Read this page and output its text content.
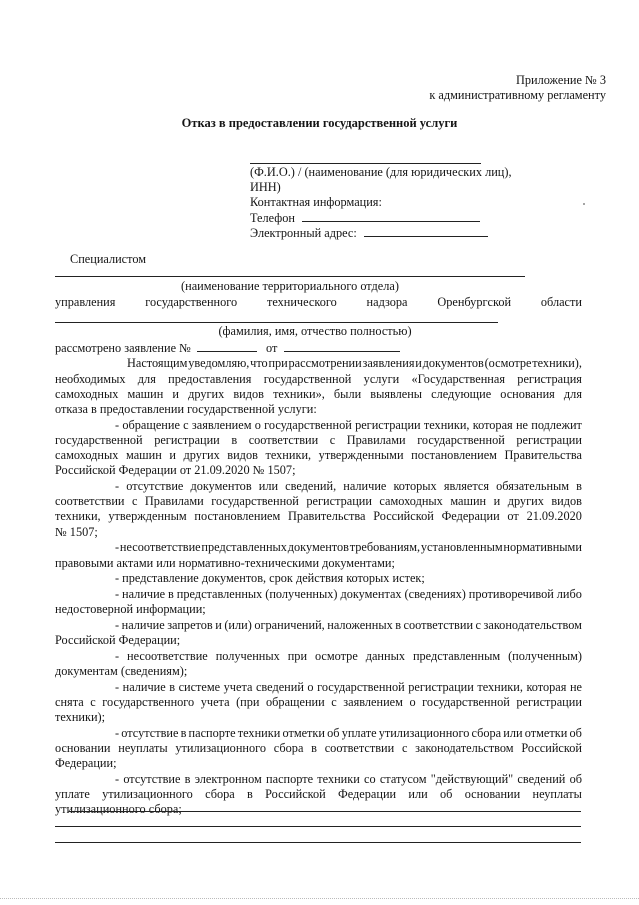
Приложение № 3
к административному регламенту
Отказ в предоставлении государственной услуги
(Ф.И.О.) / (наименование (для юридических лиц),
ИНН)
Контактная информация:
Телефон
Электронный адрес:
Специалистом
(наименование территориального отдела)
управления государственного технического надзора Оренбургской области
(фамилия, имя, отчество полностью)
рассмотрено заявление №	от
Настоящим уведомляю, что при рассмотрении заявления и документов (осмотре техники),
необходимых для предоставления государственной услуги «Государственная регистрация
самоходных машин и других видов техники», были выявлены следующие основания для
отказа в предоставлении государственной услуги:
- обращение с заявлением о государственной регистрации техники, которая не подлежит
государственной регистрации в соответствии с Правилами государственной регистрации
самоходных машин и других видов техники, утвержденными постановлением Правительства
Российской Федерации от 21.09.2020 № 1507;
- отсутствие документов или сведений, наличие которых является обязательным в
соответствии с Правилами государственной регистрации самоходных машин и других видов
техники, утвержденным постановлением Правительства Российской Федерации от 21.09.2020
№ 1507;
- несоответствие представленных документов требованиям, установленным нормативными
правовыми актами или нормативно-техническими документами;
- представление документов, срок действия которых истек;
- наличие в представленных (полученных) документах (сведениях) противоречивой либо
недостоверной информации;
- наличие запретов и (или) ограничений, наложенных в соответствии с законодательством
Российской Федерации;
- несоответствие полученных при осмотре данных представленным (полученным)
документам (сведениям);
- наличие в системе учета сведений о государственной регистрации техники, которая не
снята с государственного учета (при обращении с заявлением о государственной регистрации
техники);
- отсутствие в паспорте техники отметки об уплате утилизационного сбора или отметки об
основании неуплаты утилизационного сбора в соответствии с законодательством Российской
Федерации;
- отсутствие в электронном паспорте техники со статусом "действующий" сведений об
уплате утилизационного сбора в Российской Федерации или об основании неуплаты
утилизационного сбора;
